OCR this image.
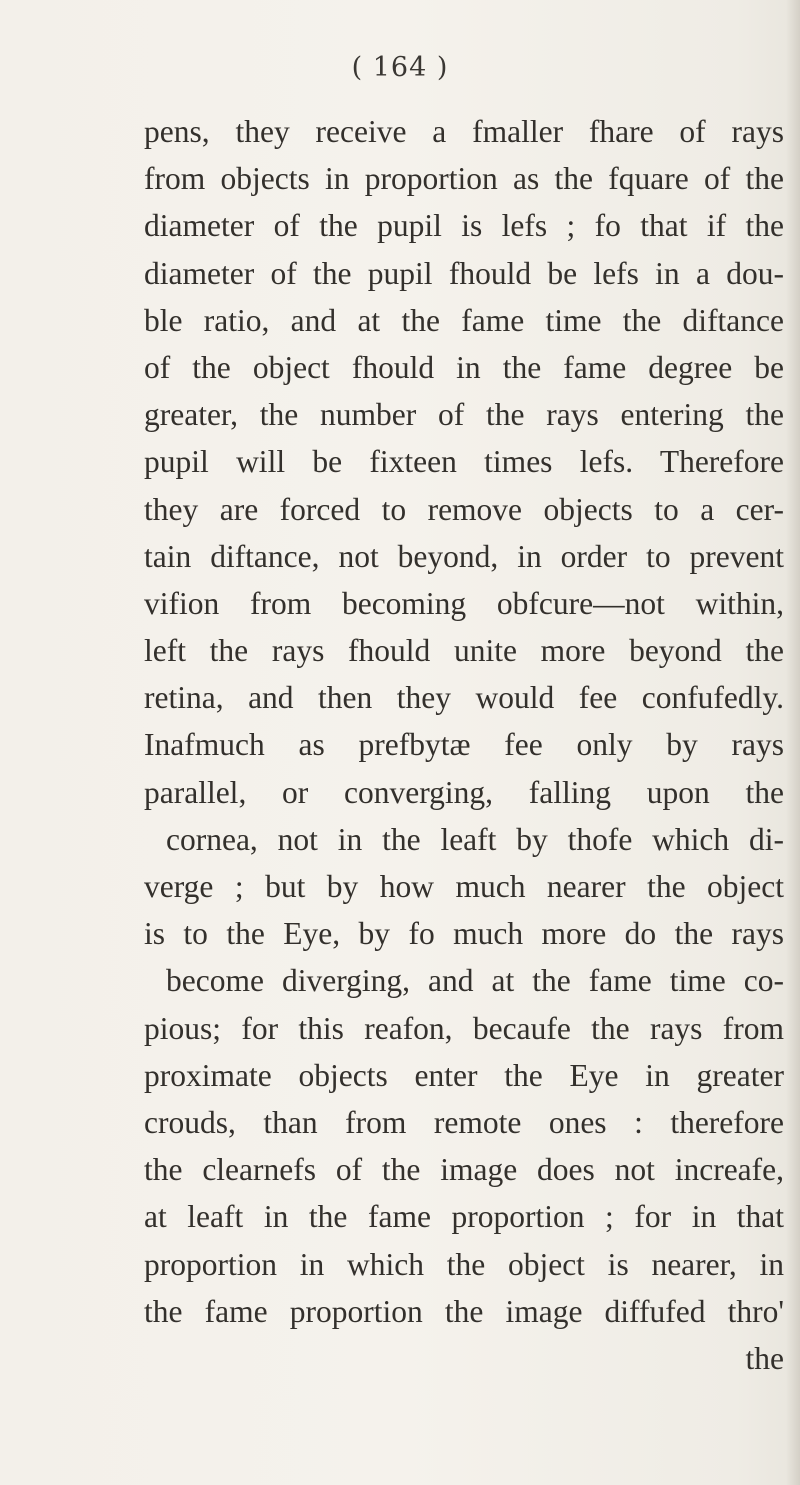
( 164 )
pens, they receive a fmaller fhare of rays
from objects in proportion as the fquare of the
diameter of the pupil is lefs ; fo that if the
diameter of the pupil fhould be lefs in a dou-
ble ratio, and at the fame time the diftance
of the object fhould in the fame degree be
greater, the number of the rays entering the
pupil will be fixteen times lefs. Therefore
they are forced to remove objects to a cer-
tain diftance, not beyond, in order to prevent
vifion from becoming obfcure—not within,
left the rays fhould unite more beyond the
retina, and then they would fee confufedly.
Inafmuch as prefbytæ fee only by rays
parallel, or converging, falling upon the
cornea, not in the leaft by thofe which di-
verge ; but by how much nearer the object
is to the Eye, by fo much more do the rays
become diverging, and at the fame time co-
pious; for this reafon, becaufe the rays from
proximate objects enter the Eye in greater
crouds, than from remote ones : therefore
the clearnefs of the image does not increafe,
at leaft in the fame proportion ; for in that
proportion in which the object is nearer, in
the fame proportion the image diffufed thro'
the
